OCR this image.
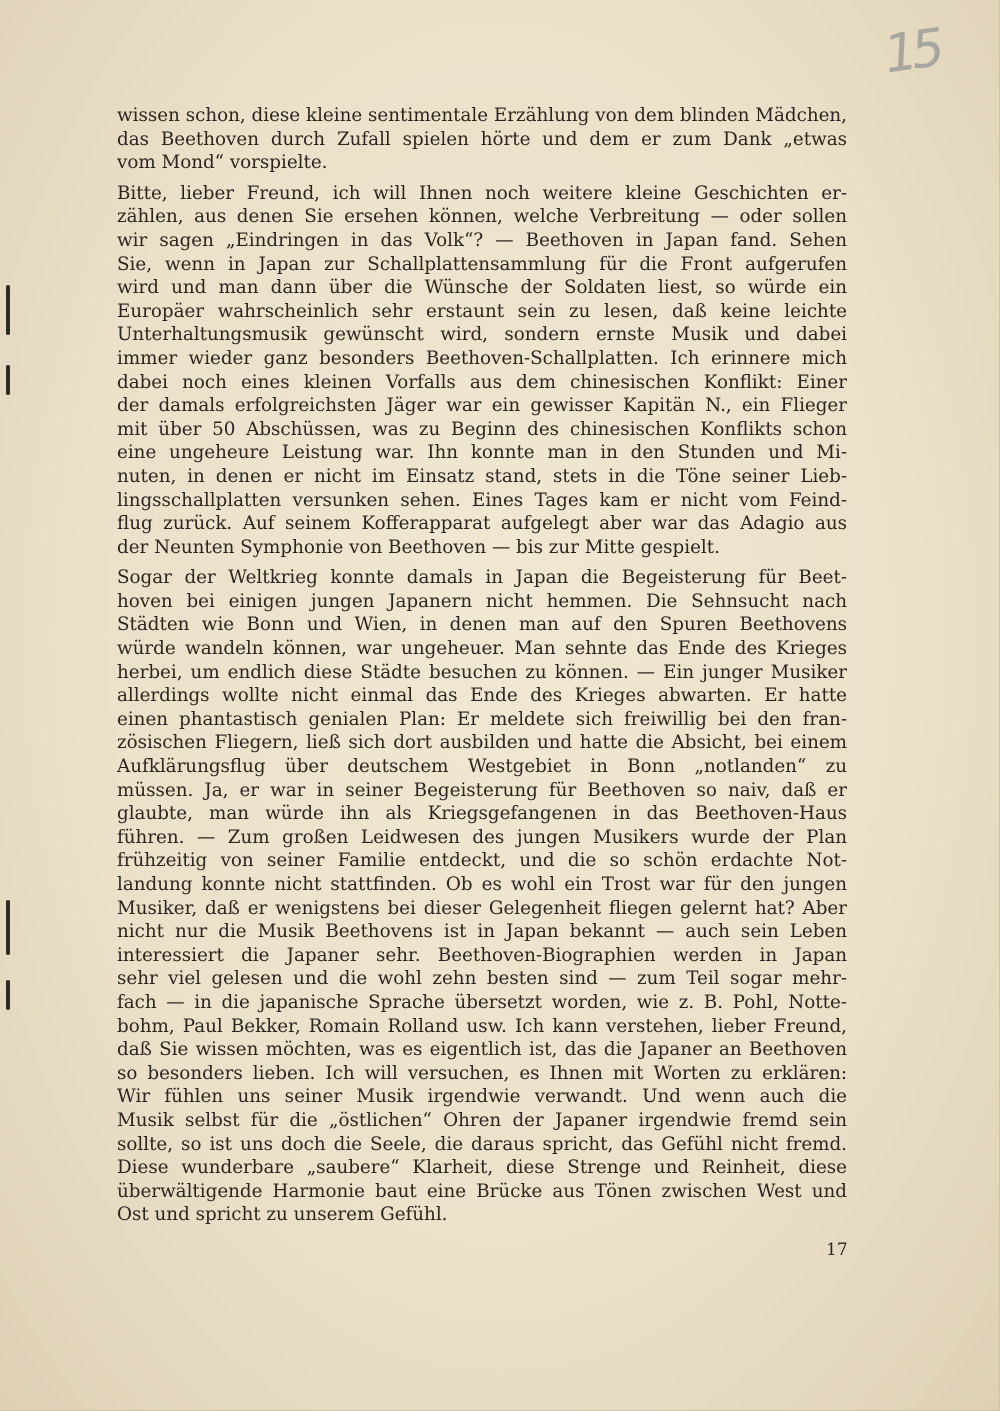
15

wissen schon, diese kleine sentimentale Erzählung von dem blinden Mädchen,
das Beethoven durch Zufall spielen hörte und dem er zum Dank „etwas
vom Mond“ vorspielte.

Bitte, lieber Freund, ich will Ihnen noch weitere kleine Geschichten er-
zählen, aus denen Sie ersehen können, welche Verbreitung — oder sollen
wir sagen „Eindringen in das Volk“? — Beethoven in Japan fand. Sehen
Sie, wenn in Japan zur Schallplattensammlung für die Front aufgerufen
wird und man dann über die Wünsche der Soldaten liest, so würde ein
Europäer wahrscheinlich sehr erstaunt sein zu lesen, daß keine leichte
Unterhaltungsmusik gewünscht wird, sondern ernste Musik und dabei
immer wieder ganz besonders Beethoven-Schallplatten. Ich erinnere mich
dabei noch eines kleinen Vorfalls aus dem chinesischen Konflikt: Einer
der damals erfolgreichsten Jäger war ein gewisser Kapitän N., ein Flieger
mit über 50 Abschüssen, was zu Beginn des chinesischen Konflikts schon
eine ungeheure Leistung war. Ihn konnte man in den Stunden und Mi-
nuten, in denen er nicht im Einsatz stand, stets in die Töne seiner Lieb-
lingsschallplatten versunken sehen. Eines Tages kam er nicht vom Feind-
flug zurück. Auf seinem Kofferapparat aufgelegt aber war das Adagio aus
der Neunten Symphonie von Beethoven — bis zur Mitte gespielt.

Sogar der Weltkrieg konnte damals in Japan die Begeisterung für Beet-
hoven bei einigen jungen Japanern nicht hemmen. Die Sehnsucht nach
Städten wie Bonn und Wien, in denen man auf den Spuren Beethovens
würde wandeln können, war ungeheuer. Man sehnte das Ende des Krieges
herbei, um endlich diese Städte besuchen zu können. — Ein junger Musiker
allerdings wollte nicht einmal das Ende des Krieges abwarten. Er hatte
einen phantastisch genialen Plan: Er meldete sich freiwillig bei den fran-
zösischen Fliegern, ließ sich dort ausbilden und hatte die Absicht, bei einem
Aufklärungsflug über deutschem Westgebiet in Bonn „notlanden“ zu
müssen. Ja, er war in seiner Begeisterung für Beethoven so naiv, daß er
glaubte, man würde ihn als Kriegsgefangenen in das Beethoven-Haus
führen. — Zum großen Leidwesen des jungen Musikers wurde der Plan
frühzeitig von seiner Familie entdeckt, und die so schön erdachte Not-
landung konnte nicht stattfinden. Ob es wohl ein Trost war für den jungen
Musiker, daß er wenigstens bei dieser Gelegenheit fliegen gelernt hat? Aber
nicht nur die Musik Beethovens ist in Japan bekannt — auch sein Leben
interessiert die Japaner sehr. Beethoven-Biographien werden in Japan
sehr viel gelesen und die wohl zehn besten sind — zum Teil sogar mehr-
fach — in die japanische Sprache übersetzt worden, wie z. B. Pohl, Notte-
bohm, Paul Bekker, Romain Rolland usw. Ich kann verstehen, lieber Freund,
daß Sie wissen möchten, was es eigentlich ist, das die Japaner an Beethoven
so besonders lieben. Ich will versuchen, es Ihnen mit Worten zu erklären:
Wir fühlen uns seiner Musik irgendwie verwandt. Und wenn auch die
Musik selbst für die „östlichen“ Ohren der Japaner irgendwie fremd sein
sollte, so ist uns doch die Seele, die daraus spricht, das Gefühl nicht fremd.
Diese wunderbare „saubere“ Klarheit, diese Strenge und Reinheit, diese
überwältigende Harmonie baut eine Brücke aus Tönen zwischen West und
Ost und spricht zu unserem Gefühl.

17
